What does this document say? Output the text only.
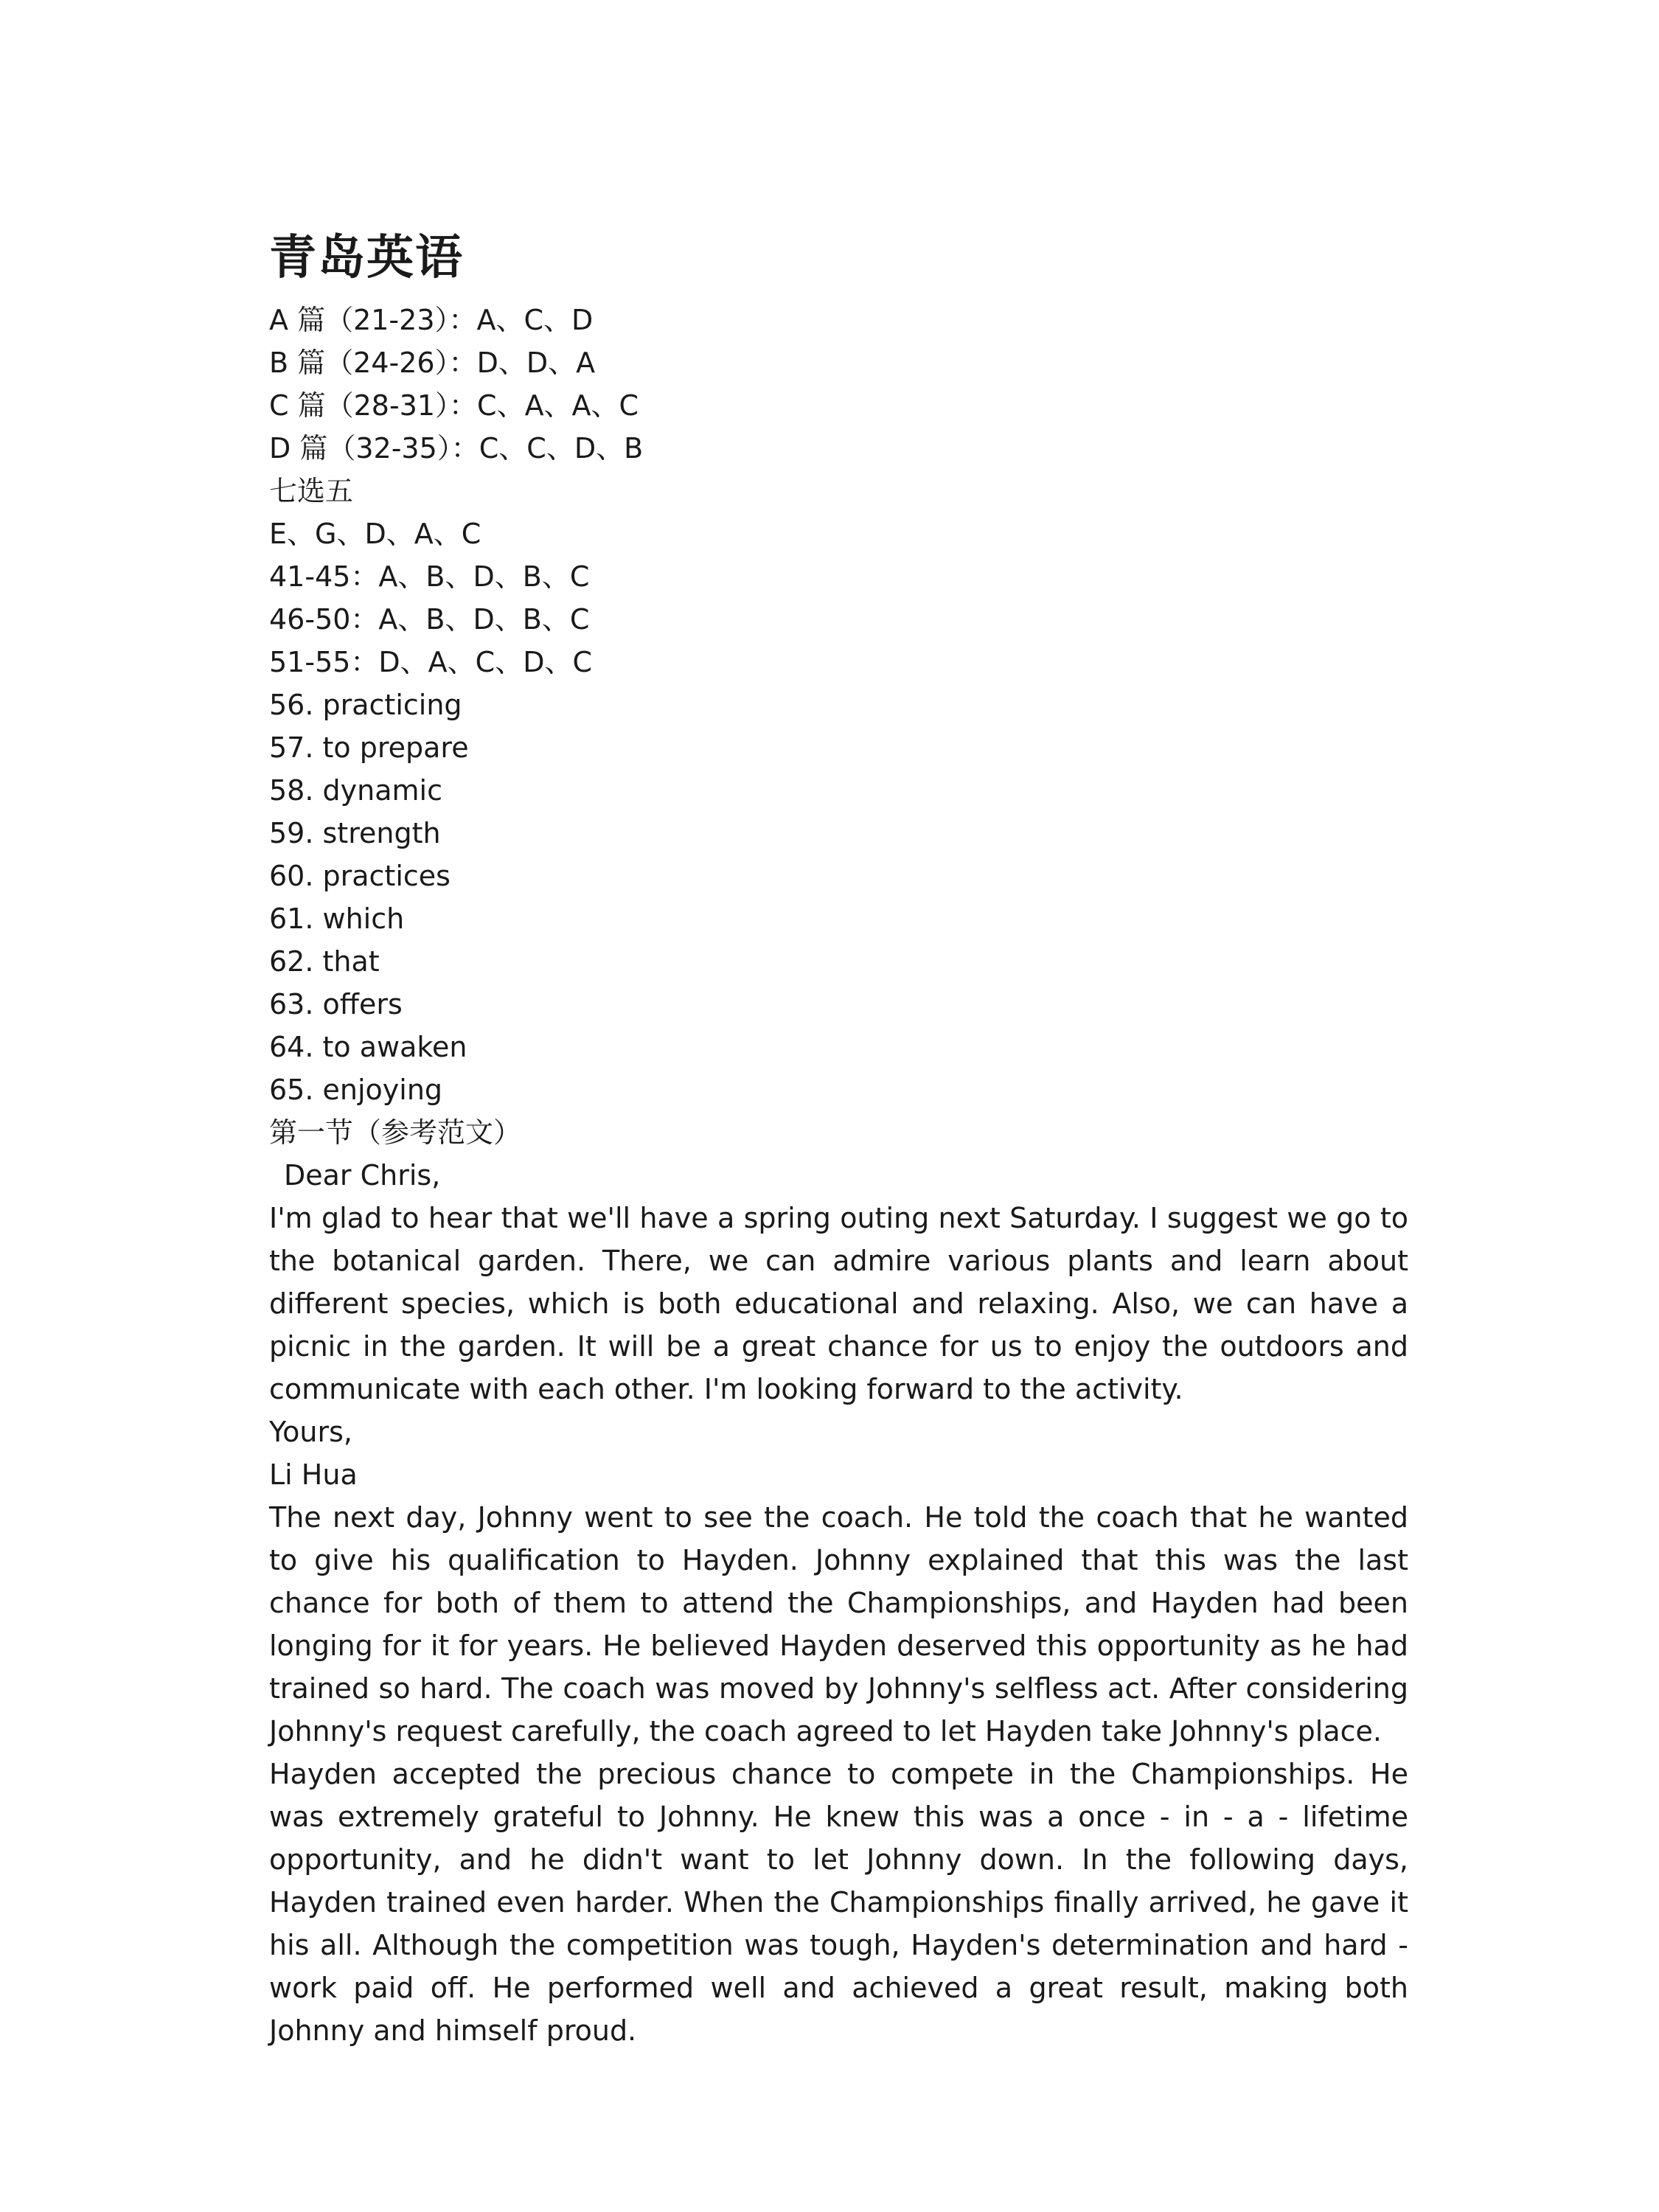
青岛英语
A 篇（21-23）：A、C、D
B 篇（24-26）：D、D、A
C 篇（28-31）：C、A、A、C
D 篇（32-35）：C、C、D、B
七选五
E、G、D、A、C
41-45：A、B、D、B、C
46-50：A、B、D、B、C
51-55：D、A、C、D、C
56. practicing
57. to prepare
58. dynamic
59. strength
60. practices
61. which
62. that
63. offers
64. to awaken
65. enjoying
第一节（参考范文）
Dear Chris,

I'm glad to hear that we'll have a spring outing next Saturday. I suggest we go to the botanical garden. There, we can admire various plants and learn about different species, which is both educational and relaxing. Also, we can have a picnic in the garden. It will be a great chance for us to enjoy the outdoors and communicate with each other. I'm looking forward to the activity.

Yours,
Li Hua

The next day, Johnny went to see the coach. He told the coach that he wanted to give his qualification to Hayden. Johnny explained that this was the last chance for both of them to attend the Championships, and Hayden had been longing for it for years. He believed Hayden deserved this opportunity as he had trained so hard. The coach was moved by Johnny's selfless act. After considering Johnny's request carefully, the coach agreed to let Hayden take Johnny's place.

Hayden accepted the precious chance to compete in the Championships. He was extremely grateful to Johnny. He knew this was a once - in - a - lifetime opportunity, and he didn't want to let Johnny down. In the following days, Hayden trained even harder. When the Championships finally arrived, he gave it his all. Although the competition was tough, Hayden's determination and hard - work paid off. He performed well and achieved a great result, making both Johnny and himself proud.
